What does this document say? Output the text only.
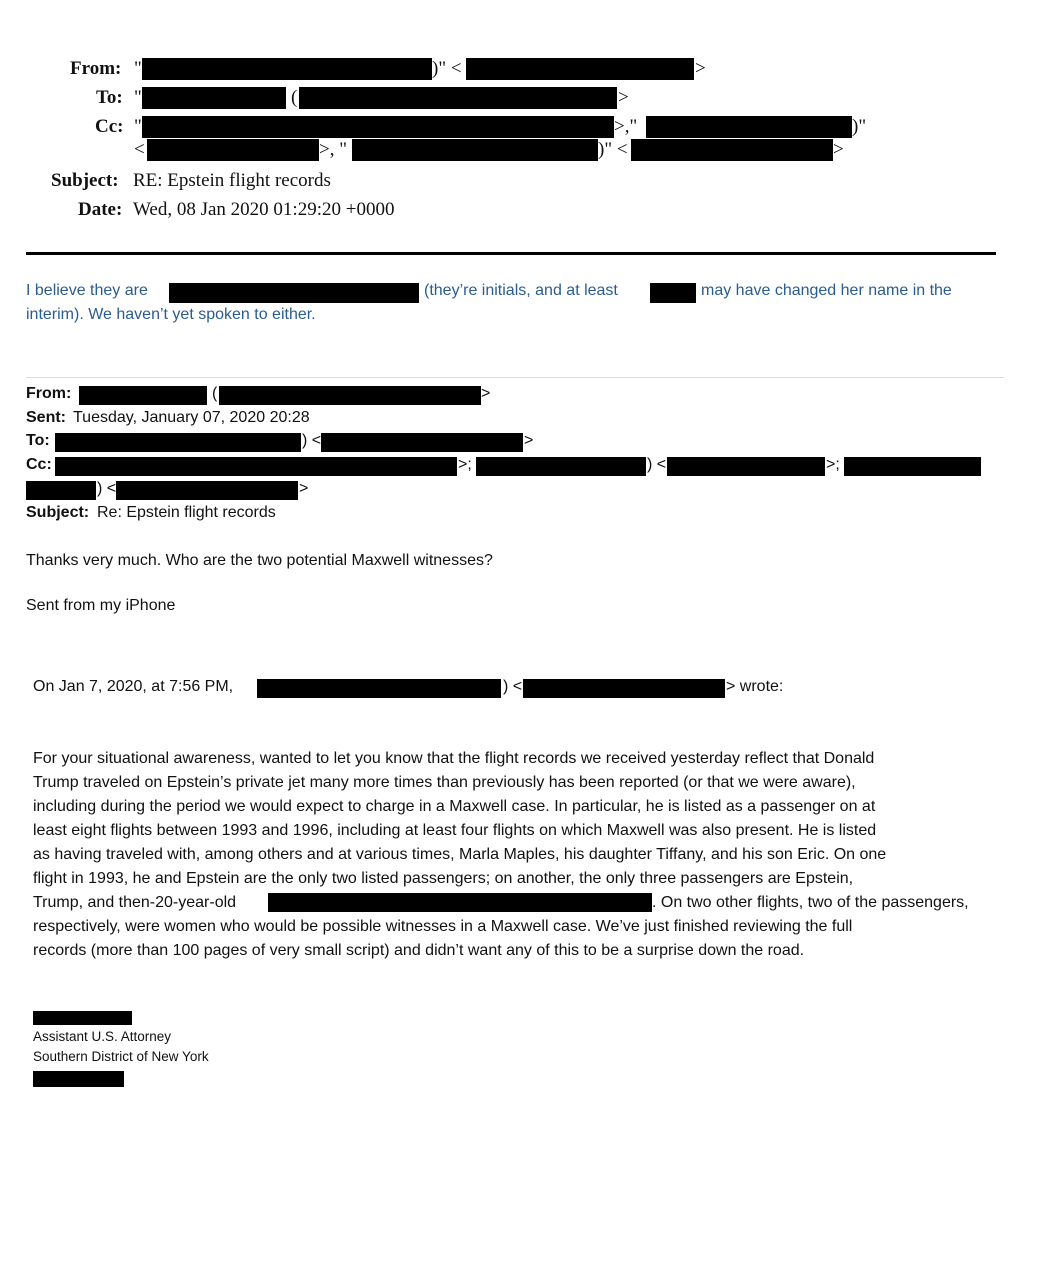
From: "	)" <	>
To: "	(	>
Cc: "	>,"	)"
<	>, "	)" <	>
Subject: RE: Epstein flight records
Date: Wed, 08 Jan 2020 01:29:20 +0000
I believe they are	(they’re initials, and at least	may have changed her name in the
interim). We haven’t yet spoken to either.
From:	(	>
Sent: Tuesday, January 07, 2020 20:28
To:	) <	>
Cc:	>;	) <	>;
) <	>
Subject: Re: Epstein flight records
Thanks very much. Who are the two potential Maxwell witnesses?
Sent from my iPhone
On Jan 7, 2020, at 7:56 PM,	) <	> wrote:
For your situational awareness, wanted to let you know that the flight records we received yesterday reflect that Donald
Trump traveled on Epstein’s private jet many more times than previously has been reported (or that we were aware),
including during the period we would expect to charge in a Maxwell case. In particular, he is listed as a passenger on at
least eight flights between 1993 and 1996, including at least four flights on which Maxwell was also present. He is listed
as having traveled with, among others and at various times, Marla Maples, his daughter Tiffany, and his son Eric. On one
flight in 1993, he and Epstein are the only two listed passengers; on another, the only three passengers are Epstein,
Trump, and then-20-year-old	. On two other flights, two of the passengers,
respectively, were women who would be possible witnesses in a Maxwell case. We’ve just finished reviewing the full
records (more than 100 pages of very small script) and didn’t want any of this to be a surprise down the road.
Assistant U.S. Attorney
Southern District of New York
